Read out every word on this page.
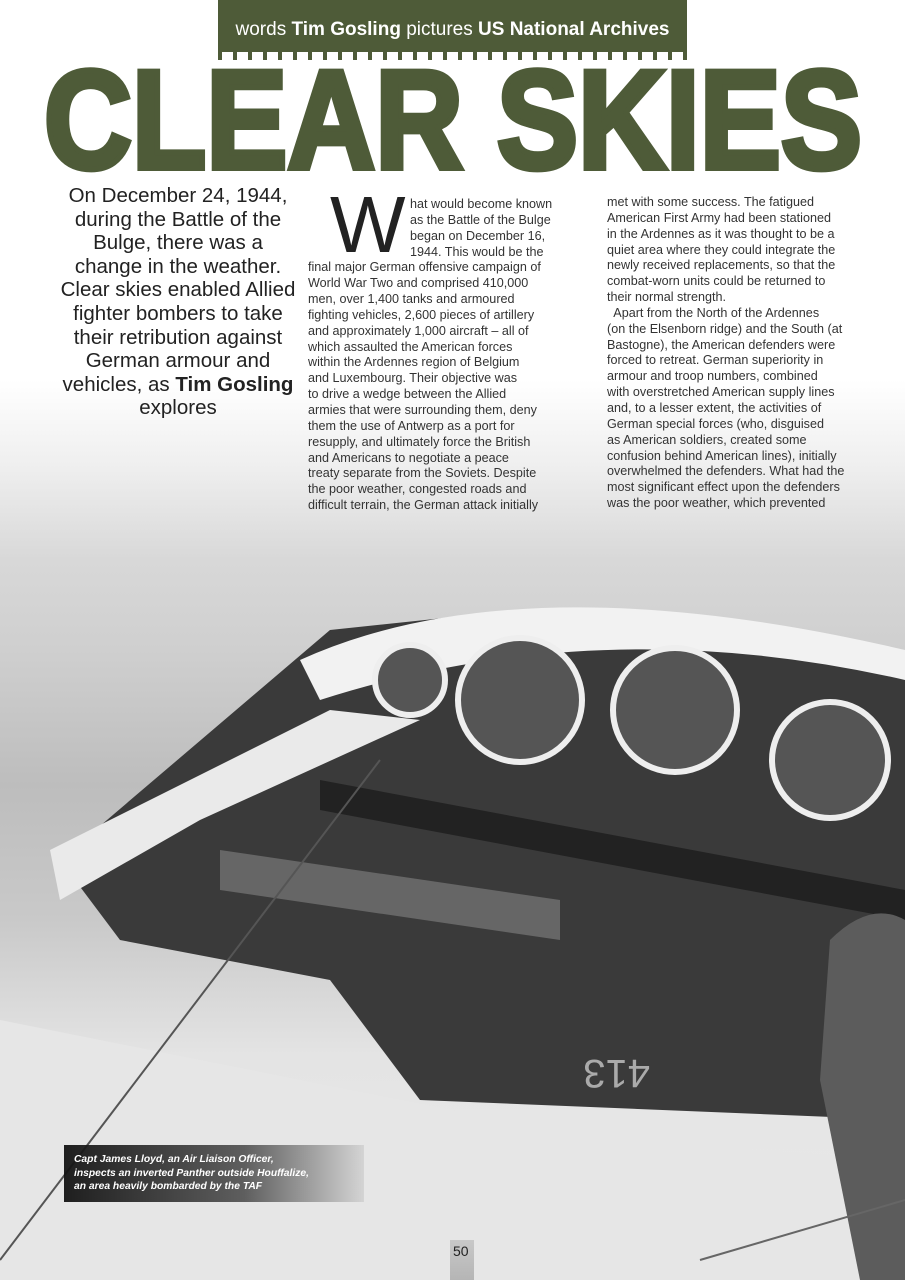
413
words Tim Gosling pictures US National Archives
CLEAR SKIES
On December 24, 1944, during the Battle of the Bulge, there was a change in the weather. Clear skies enabled Allied fighter bombers to take their retribution against German armour and vehicles, as Tim Gosling explores
W hat would become known
as the Battle of the Bulge
began on December 16,
1944. This would be the
final major German offensive campaign of
World War Two and comprised 410,000
men, over 1,400 tanks and armoured
fighting vehicles, 2,600 pieces of artillery
and approximately 1,000 aircraft – all of
which assaulted the American forces
within the Ardennes region of Belgium
and Luxembourg. Their objective was
to drive a wedge between the Allied
armies that were surrounding them, deny
them the use of Antwerp as a port for
resupply, and ultimately force the British
and Americans to negotiate a peace
treaty separate from the Soviets. Despite
the poor weather, congested roads and
difficult terrain, the German attack initially
met with some success. The fatigued
American First Army had been stationed
in the Ardennes as it was thought to be a
quiet area where they could integrate the
newly received replacements, so that the
combat-worn units could be returned to
their normal strength.
Apart from the North of the Ardennes
(on the Elsenborn ridge) and the South (at
Bastogne), the American defenders were
forced to retreat. German superiority in
armour and troop numbers, combined
with overstretched American supply lines
and, to a lesser extent, the activities of
German special forces (who, disguised
as American soldiers, created some
confusion behind American lines), initially
overwhelmed the defenders. What had the
most significant effect upon the defenders
was the poor weather, which prevented
Capt James Lloyd, an Air Liaison Officer,
inspects an inverted Panther outside Houffalize,
an area heavily bombarded by the TAF
50
